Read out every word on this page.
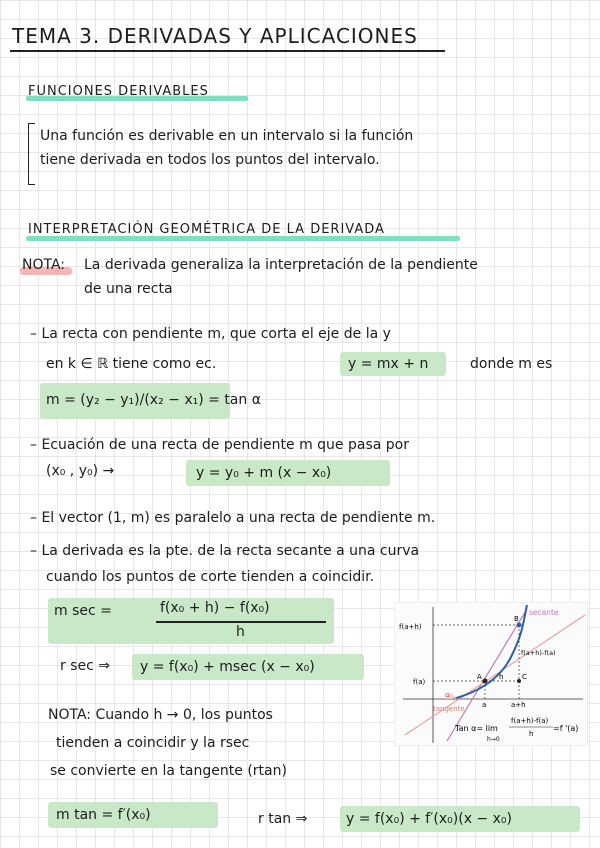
TEMA 3. DERIVADAS Y APLICACIONES
FUNCIONES DERIVABLES
Una función es derivable en un intervalo si la función
tiene derivada en todos los puntos del intervalo.
INTERPRETACIÓN GEOMÉTRICA DE LA DERIVADA
NOTA: La derivada generaliza la interpretación de la pendiente
de una recta
– La recta con pendiente m, que corta el eje de la y
en k ∈ ℝ tiene como ec.	y = mx + n	donde m es
m = (y₂ − y₁)/(x₂ − x₁) = tan α
– Ecuación de una recta de pendiente m que pasa por
(x₀ , y₀) →	y = y₀ + m (x − x₀)
– El vector (1, m) es paralelo a una recta de pendiente m.
– La derivada es la pte. de la recta secante a una curva
cuando los puntos de corte tienden a coincidir.
m sec =	f(x₀ + h) − f(x₀)
h
r sec ⇒ y = f(x₀) + msec (x − x₀)
NOTA: Cuando h → 0, los puntos
tienden a coincidir y la rsec
se convierte en la tangente (rtan)
m tan = f′(x₀)	r tan ⇒	y = f(x₀) + f′(x₀)(x − x₀)
f(a+h)
f(a)
secante
B
A	C
h
f(a+h)-f(a)
tangente
α
a	a+h
Tan α= lim
h→0
f(a+h)-f(a)
h
=f '(a)
